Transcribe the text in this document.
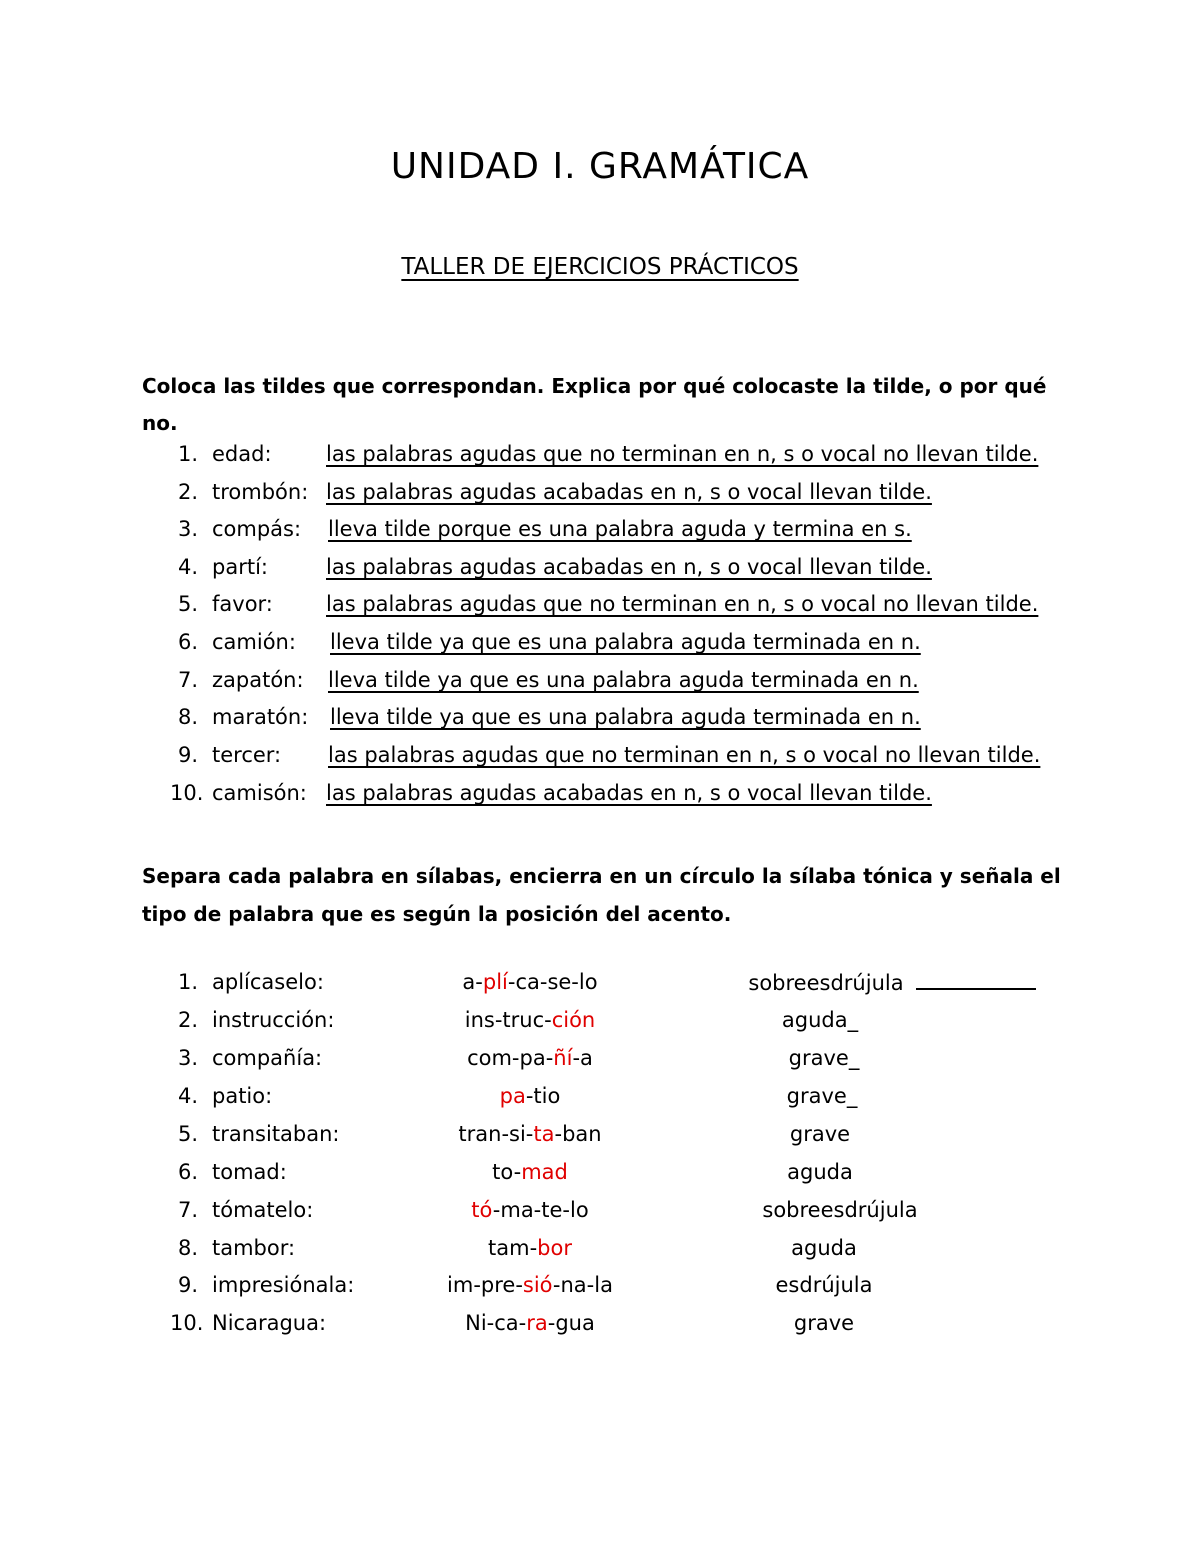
UNIDAD I. GRAMÁTICA
TALLER DE EJERCICIOS PRÁCTICOS
Coloca las tildes que correspondan. Explica por qué colocaste la tilde, o por qué no.
1. edad:	las palabras agudas que no terminan en n, s o vocal no llevan tilde.
2. trombón: las palabras agudas acabadas en n, s o vocal llevan tilde.
3. compás: lleva tilde porque es una palabra aguda y termina en s.
4. partí:	las palabras agudas acabadas en n, s o vocal llevan tilde.
5. favor:	las palabras agudas que no terminan en n, s o vocal no llevan tilde.
6. camión: lleva tilde ya que es una palabra aguda terminada en n.
7. zapatón: lleva tilde ya que es una palabra aguda terminada en n.
8. maratón: lleva tilde ya que es una palabra aguda terminada en n.
9. tercer: las palabras agudas que no terminan en n, s o vocal no llevan tilde.
10. camisón: las palabras agudas acabadas en n, s o vocal llevan tilde.
Separa cada palabra en sílabas, encierra en un círculo la sílaba tónica y señala el tipo de palabra que es según la posición del acento.
1. aplícaselo:	a-plí-ca-se-lo	sobreesdrújula
2. instrucción:	ins-truc-ción	aguda_
3. compañía:	com-pa-ñí-a	grave_
4. patio:	pa-tio	grave_
5. transitaban:	tran-si-ta-ban	grave
6. tomad:	to-mad	aguda
7. tómatelo:	tó-ma-te-lo	sobreesdrújula
8. tambor:	tam-bor	aguda
9. impresiónala:	im-pre-sió-na-la	esdrújula
10. Nicaragua:	Ni-ca-ra-gua	grave
